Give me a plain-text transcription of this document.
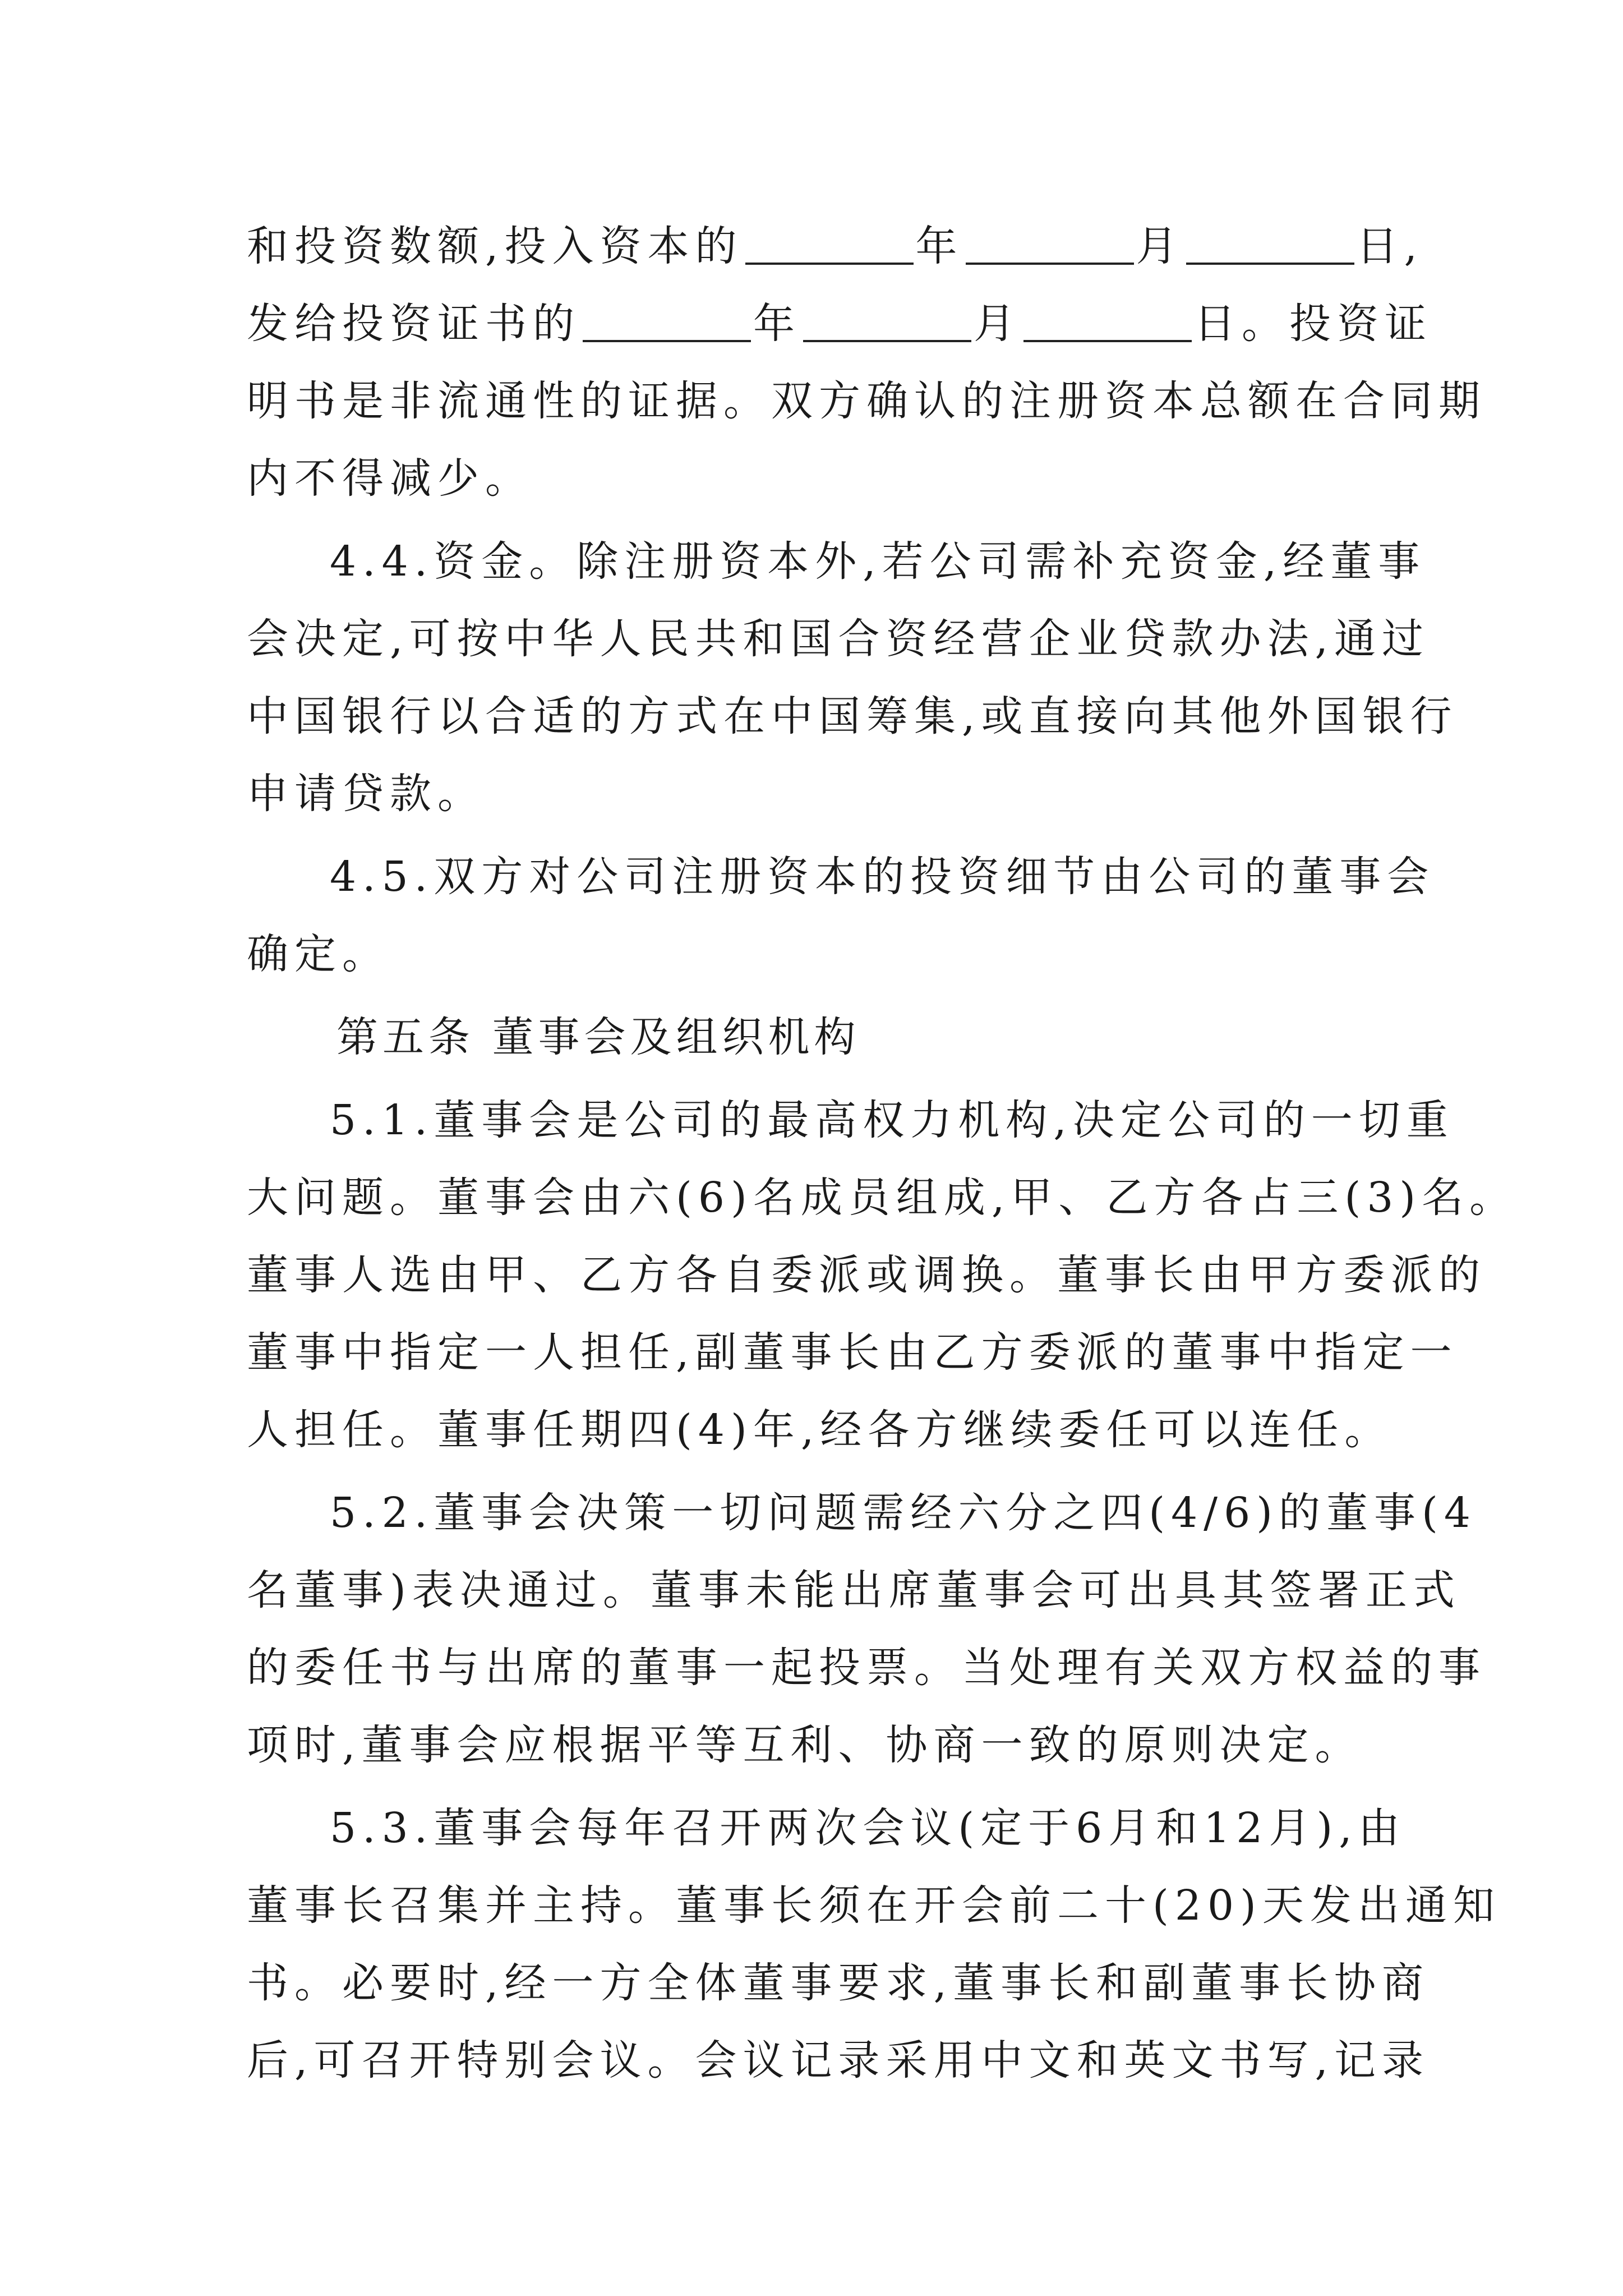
和投资数额,投入资本的	年	月	日,
发给投资证书的	年	月	日。投资证
明书是非流通性的证据。双方确认的注册资本总额在合同期
内不得减少。
4.4.资金。除注册资本外,若公司需补充资金,经董事
会决定,可按中华人民共和国合资经营企业贷款办法,通过
中国银行以合适的方式在中国筹集,或直接向其他外国银行
申请贷款。
4.5.双方对公司注册资本的投资细节由公司的董事会
确定。
第五条 董事会及组织机构
5.1.董事会是公司的最高权力机构,决定公司的一切重
大问题。董事会由六(6)名成员组成,甲、乙方各占三(3)名。
董事人选由甲、乙方各自委派或调换。董事长由甲方委派的
董事中指定一人担任,副董事长由乙方委派的董事中指定一
人担任。董事任期四(4)年,经各方继续委任可以连任。
5.2.董事会决策一切问题需经六分之四(4/6)的董事(4
名董事)表决通过。董事未能出席董事会可出具其签署正式
的委任书与出席的董事一起投票。当处理有关双方权益的事
项时,董事会应根据平等互利、协商一致的原则决定。
5.3.董事会每年召开两次会议(定于6月和12月),由
董事长召集并主持。董事长须在开会前二十(20)天发出通知
书。必要时,经一方全体董事要求,董事长和副董事长协商
后,可召开特别会议。会议记录采用中文和英文书写,记录
